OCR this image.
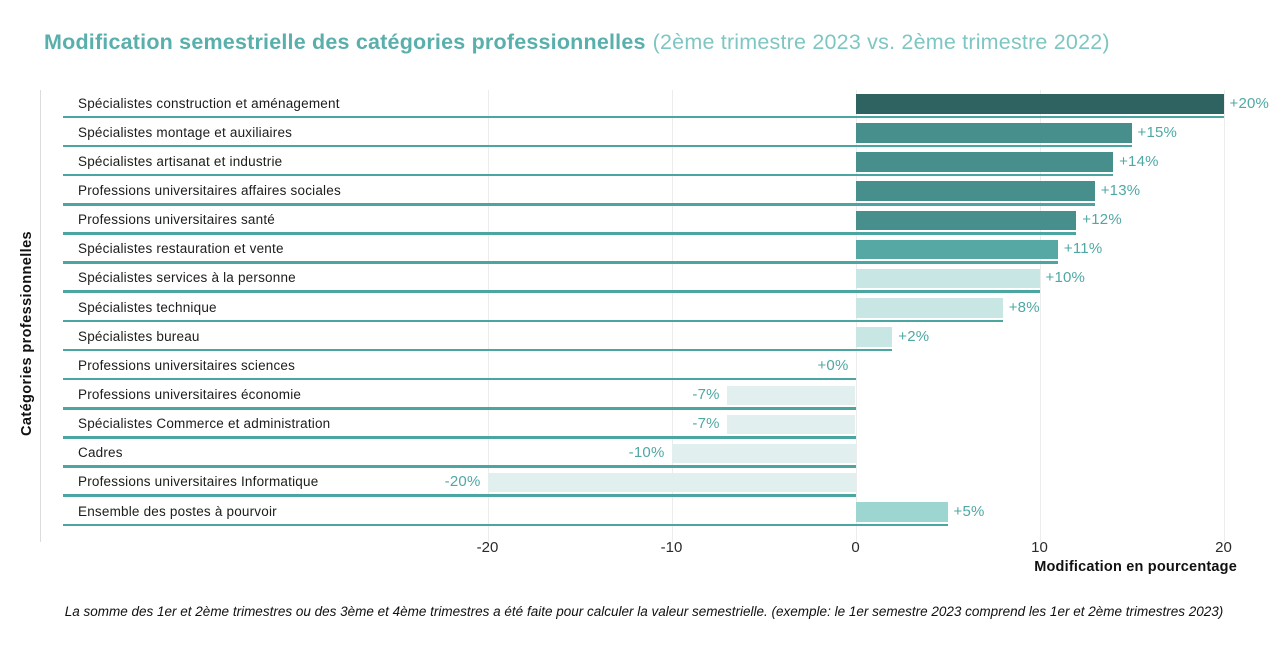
Modification semestrielle des catégories professionnelles (2ème trimestre 2023 vs. 2ème trimestre 2022)
Catégories professionnelles
-20	-10	0	10	20
Spécialistes construction et aménagement	+20%
Spécialistes montage et auxiliaires	+15%
Spécialistes artisanat et industrie	+14%
Professions universitaires affaires sociales	+13%
Professions universitaires santé	+12%
Spécialistes restauration et vente	+11%
Spécialistes services à la personne	+10%
Spécialistes technique	+8%
Spécialistes bureau	+2%
Professions universitaires sciences	+0%
Professions universitaires économie	-7%
Spécialistes Commerce et administration	-7%
Cadres	-10%
Professions universitaires Informatique	-20%
Ensemble des postes à pourvoir	+5%
Modification en pourcentage
La somme des 1er et 2ème trimestres ou des 3ème et 4ème trimestres a été faite pour calculer la valeur semestrielle. (exemple: le 1er semestre 2023 comprend les 1er et 2ème trimestres 2023)
